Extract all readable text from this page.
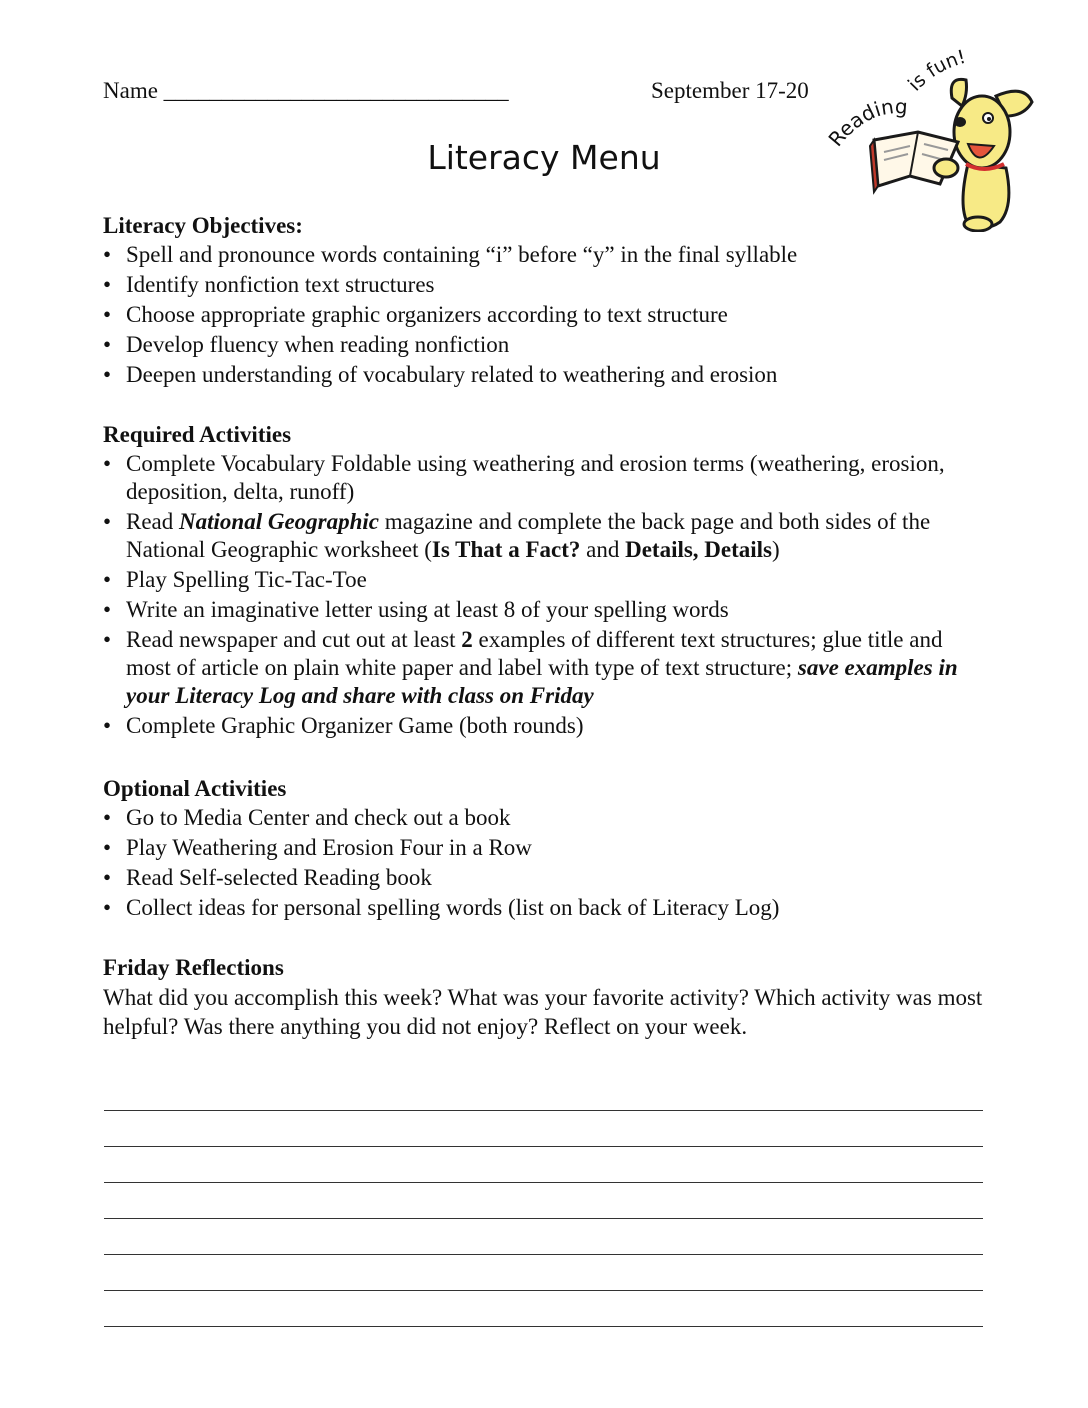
Name ______________________________	September 17-20
Literacy Menu	Reading
is fun!

Literacy Objectives:

• Spell and pronounce words containing “i” before “y” in the final syllable
• Identify nonfiction text structures
• Choose appropriate graphic organizers according to text structure
• Develop fluency when reading nonfiction
• Deepen understanding of vocabulary related to weathering and erosion

Required Activities

• Complete Vocabulary Foldable using weathering and erosion terms (weathering, erosion, deposition, delta, runoff)
• Read National Geographic magazine and complete the back page and both sides of the National Geographic worksheet (Is That a Fact? and Details, Details)
• Play Spelling Tic-Tac-Toe
• Write an imaginative letter using at least 8 of your spelling words
• Read newspaper and cut out at least 2 examples of different text structures; glue title and most of article on plain white paper and label with type of text structure; save examples in your Literacy Log and share with class on Friday
• Complete Graphic Organizer Game (both rounds)

Optional Activities

• Go to Media Center and check out a book
• Play Weathering and Erosion Four in a Row
• Read Self-selected Reading book
• Collect ideas for personal spelling words (list on back of Literacy Log)

Friday Reflections

What did you accomplish this week? What was your favorite activity? Which activity was most helpful? Was there anything you did not enjoy? Reflect on your week.
